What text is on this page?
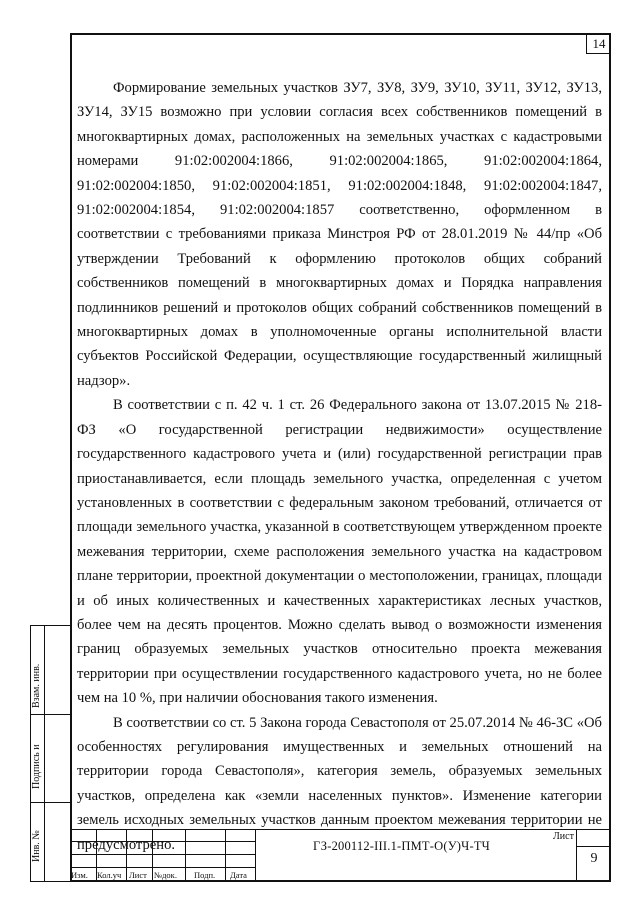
14

Формирование земельных участков ЗУ7, ЗУ8, ЗУ9, ЗУ10, ЗУ11, ЗУ12, ЗУ13, ЗУ14, ЗУ15 возможно при условии согласия всех собственников помещений в многоквартирных домах, расположенных на земельных участках с кадастровыми номерами 91:02:002004:1866, 91:02:002004:1865, 91:02:002004:1864, 91:02:002004:1850, 91:02:002004:1851, 91:02:002004:1848, 91:02:002004:1847, 91:02:002004:1854, 91:02:002004:1857 соответственно, оформленном в соответствии с требованиями приказа Минстроя РФ от 28.01.2019 № 44/пр «Об утверждении Требований к оформлению протоколов общих собраний собственников помещений в многоквартирных домах и Порядка направления подлинников решений и протоколов общих собраний собственников помещений в многоквартирных домах в уполномоченные органы исполнительной власти субъектов Российской Федерации, осуществляющие государственный жилищный надзор».

В соответствии с п. 42 ч. 1 ст. 26 Федерального закона от 13.07.2015 № 218-ФЗ «О государственной регистрации недвижимости» осуществление государственного кадастрового учета и (или) государственной регистрации прав приостанавливается, если площадь земельного участка, определенная с учетом установленных в соответствии с федеральным законом требований, отличается от площади земельного участка, указанной в соответствующем утвержденном проекте межевания территории, схеме расположения земельного участка на кадастровом плане территории, проектной документации о местоположении, границах, площади и об иных количественных и качественных характеристиках лесных участков, более чем на десять процентов. Можно сделать вывод о возможности изменения границ образуемых земельных участков относительно проекта межевания территории при осуществлении государственного кадастрового учета, но не более чем на 10 %, при наличии обоснования такого изменения.

В соответствии со ст. 5 Закона города Севастополя от 25.07.2014 № 46-ЗС «Об особенностях регулирования имущественных и земельных отношений на территории города Севастополя», категория земель, образуемых земельных участков, определена как «земли населенных пунктов». Изменение категории земель исходных земельных участков данным проектом межевания территории не предусмотрено.

Взам. инв.
Подпись и
Инв. №
Изм. Кол.уч Лист №док. Подп. Дата
ГЗ-200112-III.1-ПМТ-О(У)Ч-ТЧ
Лист
9
